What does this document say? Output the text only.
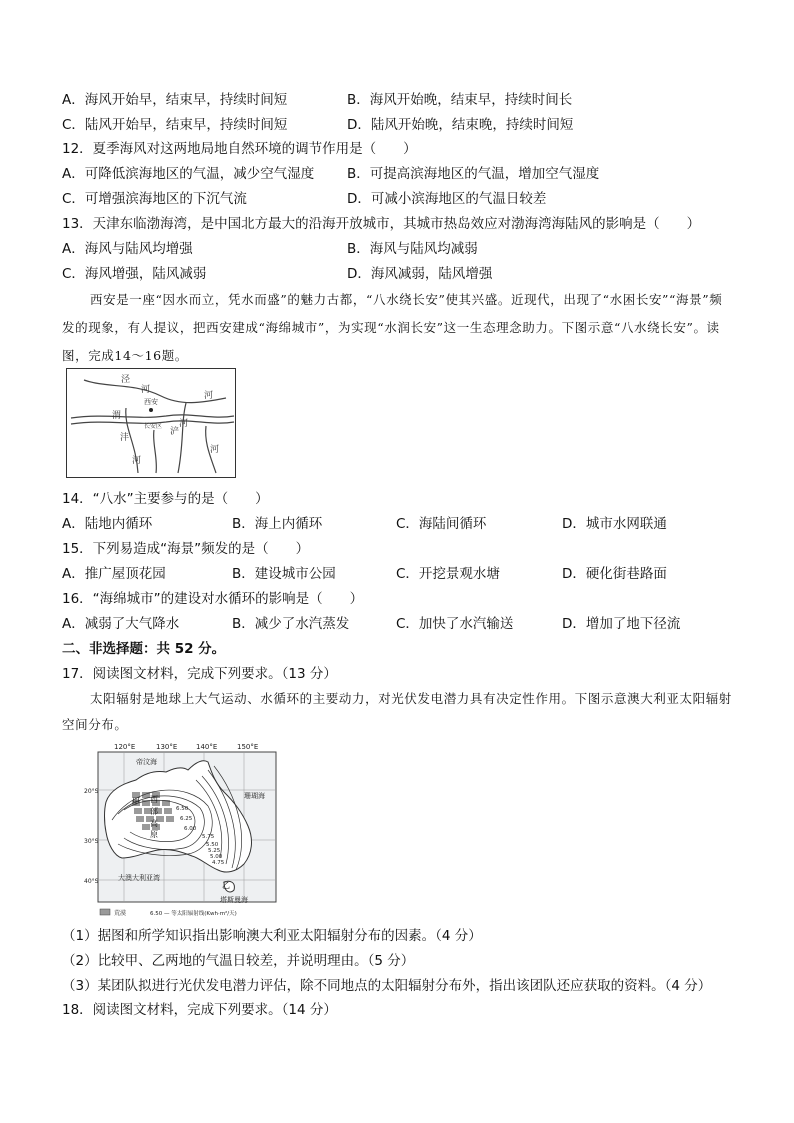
A．海风开始早，结束早，持续时间短	B．海风开始晚，结束早，持续时间长
C．陆风开始早，结束早，持续时间短	D．陆风开始晚，结束晚，持续时间短
12．夏季海风对这两地局地自然环境的调节作用是（　　）
A．可降低滨海地区的气温，减少空气湿度 B．可提高滨海地区的气温，增加空气湿度
C．可增强滨海地区的下沉气流	D．可减小滨海地区的气温日较差
13．天津东临渤海湾，是中国北方最大的沿海开放城市，其城市热岛效应对渤海湾海陆风的影响是（　　）
A．海风与陆风均增强	B．海风与陆风均减弱
C．海风增强，陆风减弱	D．海风减弱，陆风增强
西安是一座“因水而立，凭水而盛”的魅力古都，“八水绕长安”使其兴盛。近现代，出现了“水困长安”“海景”频发的现象，有人提议，把西安建成“海绵城市”，为实现“水润长安”这一生态理念助力。下图示意“八水绕长安”。读图，完成14～16题。
泾
河
河
渭
西安
长安区 河
沣
浐
河
河
14．“八水”主要参与的是（　　）
A．陆地内循环	B．海上内循环	C．海陆间循环	D．城市水网联通
15．下列易造成“海景”频发的是（　　）
A．推广屋顶花园	B．建设城市公园	C．开挖景观水塘	D．硬化街巷路面
16．“海绵城市”的建设对水循环的影响是（　　）
A．减弱了大气降水	B．减少了水汽蒸发	C．加快了水汽输送	D．增加了地下径流
二、非选择题：共 52 分。
17．阅读图文材料，完成下列要求。（13 分）
太阳辐射是地球上大气运动、水循环的主要动力，对光伏发电潜力具有决定性作用。下图示意澳大利亚太阳辐射空间分布。
120°E	130°E	140°E	150°E
20°S
30°S
40°S
帝汶海
珊瑚海
大澳大利亚湾
塔斯曼海
甲 西
部
高
原
乙
6.50
6.25
6.00
5.75
5.50
5.25
5.00
4.75
荒漠	6.50 — 等太阳辐射线(Kwh·m²/天)
（1）据图和所学知识指出影响澳大利亚太阳辐射分布的因素。（4 分）
（2）比较甲、乙两地的气温日较差，并说明理由。（5 分）
（3）某团队拟进行光伏发电潜力评估，除不同地点的太阳辐射分布外，指出该团队还应获取的资料。（4 分）
18．阅读图文材料，完成下列要求。（14 分）
